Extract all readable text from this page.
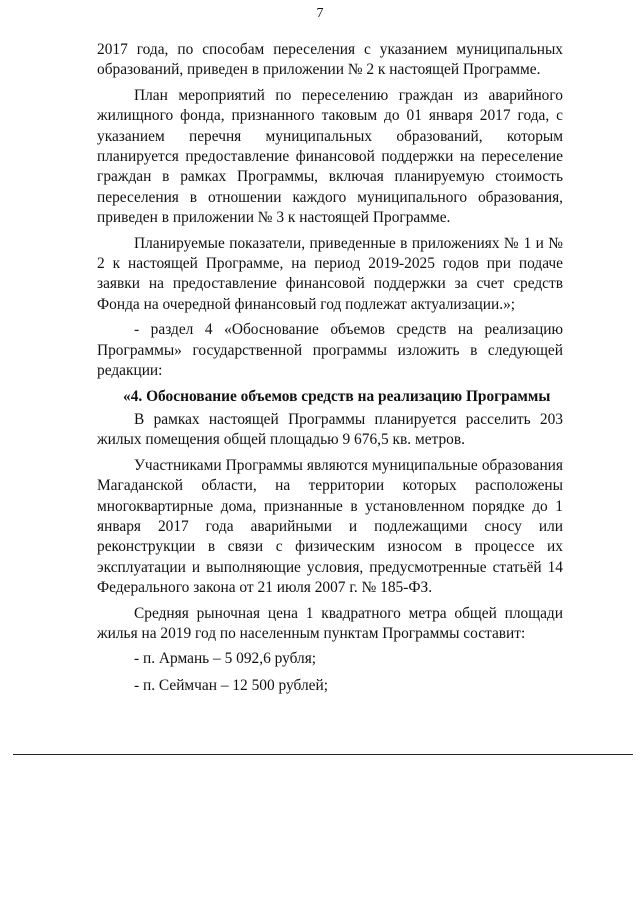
7

2017 года, по способам переселения с указанием муниципальных образований, приведен в приложении № 2 к настоящей Программе.

План мероприятий по переселению граждан из аварийного жилищного фонда, признанного таковым до 01 января 2017 года, с указанием перечня муниципальных образований, которым планируется предоставление финансовой поддержки на переселение граждан в рамках Программы, включая планируемую стоимость переселения в отношении каждого муниципального образования, приведен в приложении № 3 к настоящей Программе.

Планируемые показатели, приведенные в приложениях № 1 и № 2 к настоящей Программе, на период 2019-2025 годов при подаче заявки на предоставление финансовой поддержки за счет средств Фонда на очередной финансовый год подлежат актуализации.»;

- раздел 4 «Обоснование объемов средств на реализацию Программы» государственной программы изложить в следующей редакции:

«4. Обоснование объемов средств на реализацию Программы

В рамках настоящей Программы планируется расселить 203 жилых помещения общей площадью 9 676,5 кв. метров.

Участниками Программы являются муниципальные образования Магаданской области, на территории которых расположены многоквартирные дома, признанные в установленном порядке до 1 января 2017 года аварийными и подлежащими сносу или реконструкции в связи с физическим износом в процессе их эксплуатации и выполняющие условия, предусмотренные статьёй 14 Федерального закона от 21 июля 2007 г. № 185-ФЗ.

Средняя рыночная цена 1 квадратного метра общей площади жилья на 2019 год по населенным пунктам Программы составит:

- п. Армань – 5 092,6 рубля;

- п. Сеймчан – 12 500 рублей;
